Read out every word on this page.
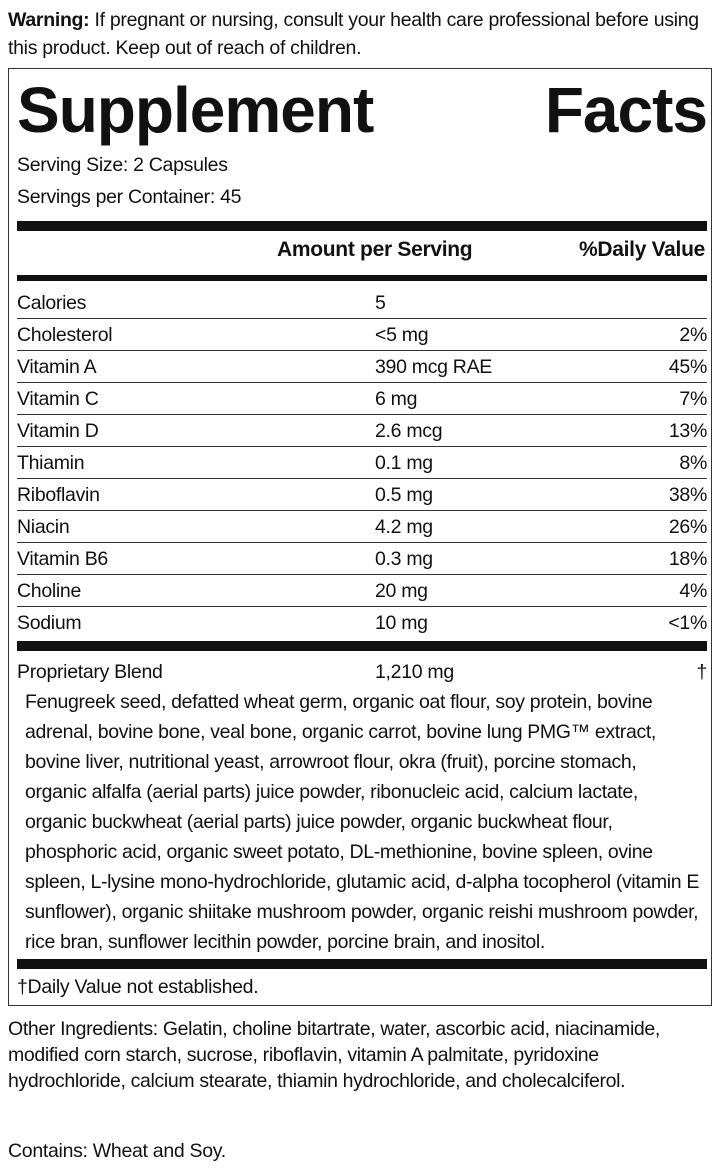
Warning: If pregnant or nursing, consult your health care professional before using this product. Keep out of reach of children.
Supplement	Facts
Serving Size: 2 Capsules
Servings per Container: 45
Amount per Serving	%Daily Value
Calories	5
Cholesterol	<5 mg	2%
Vitamin A	390 mcg RAE	45%
Vitamin C	6 mg	7%
Vitamin D	2.6 mcg	13%
Thiamin	0.1 mg	8%
Riboflavin	0.5 mg	38%
Niacin	4.2 mg	26%
Vitamin B6	0.3 mg	18%
Choline	20 mg	4%
Sodium	10 mg	<1%
Proprietary Blend	1,210 mg	†
Fenugreek seed, defatted wheat germ, organic oat flour, soy protein, bovine adrenal, bovine bone, veal bone, organic carrot, bovine lung PMG™ extract, bovine liver, nutritional yeast, arrowroot flour, okra (fruit), porcine stomach, organic alfalfa (aerial parts) juice powder, ribonucleic acid, calcium lactate, organic buckwheat (aerial parts) juice powder, organic buckwheat flour, phosphoric acid, organic sweet potato, DL-methionine, bovine spleen, ovine spleen, L-lysine mono-hydrochloride, glutamic acid, d-alpha tocopherol (vitamin E sunflower), organic shiitake mushroom powder, organic reishi mushroom powder, rice bran, sunflower lecithin powder, porcine brain, and inositol.
†Daily Value not established.
Other Ingredients: Gelatin, choline bitartrate, water, ascorbic acid, niacinamide, modified corn starch, sucrose, riboflavin, vitamin A palmitate, pyridoxine hydrochloride, calcium stearate, thiamin hydrochloride, and cholecalciferol.
Contains: Wheat and Soy.
